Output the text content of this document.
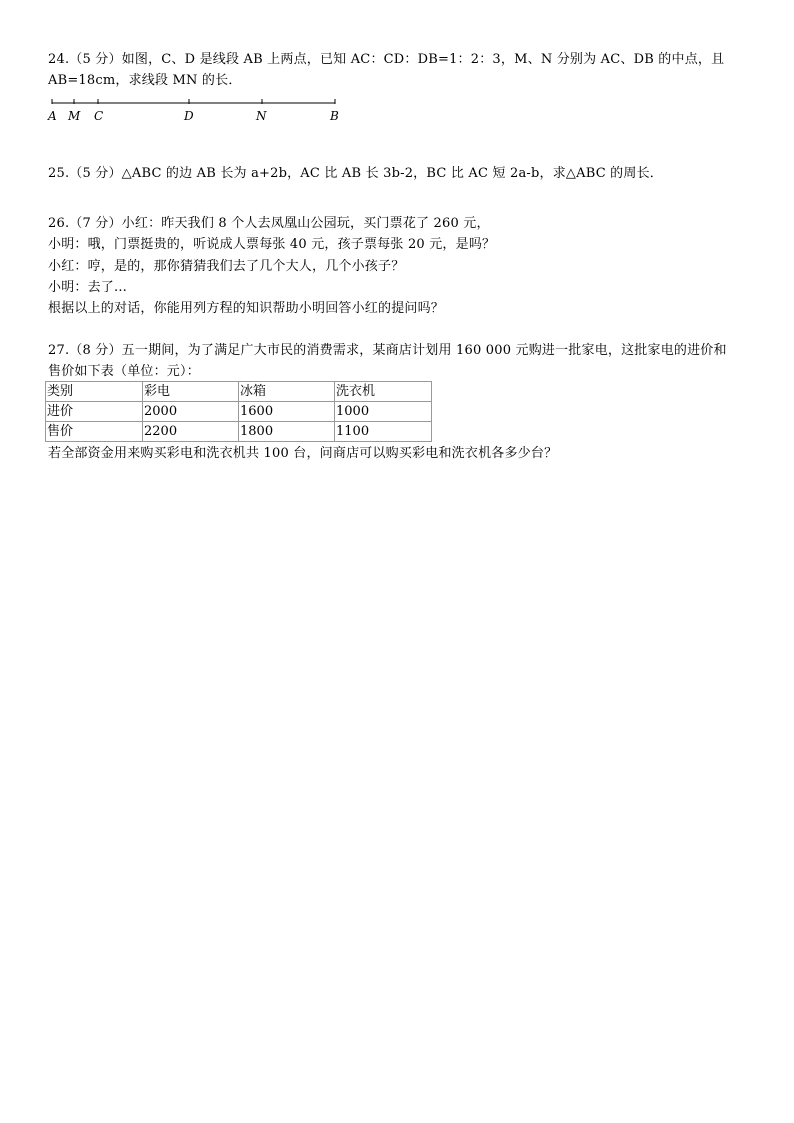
24.（5 分）如图，C、D 是线段 AB 上两点，已知 AC：CD：DB=1：2：3，M、N 分别为 AC、DB 的中点，且
AB=18cm，求线段 MN 的长．
A M C	D	N	B
25.（5 分）△ABC 的边 AB 长为 a+2b，AC 比 AB 长 3b-2，BC 比 AC 短 2a-b，求△ABC 的周长．
26.（7 分）小红：昨天我们 8 个人去凤凰山公园玩，买门票花了 260 元，
小明：哦，门票挺贵的，听说成人票每张 40 元，孩子票每张 20 元，是吗？
小红：哼，是的，那你猜猜我们去了几个大人，几个小孩子？
小明：去了...
根据以上的对话，你能用列方程的知识帮助小明回答小红的提问吗？
27.（8 分）五一期间，为了满足广大市民的消费需求，某商店计划用 160 000 元购进一批家电，这批家电的进价和
售价如下表（单位：元）：
类别	彩电	冰箱	洗衣机
进价	2000	1600	1000
售价	2200	1800	1100
若全部资金用来购买彩电和洗衣机共 100 台，问商店可以购买彩电和洗衣机各多少台？
